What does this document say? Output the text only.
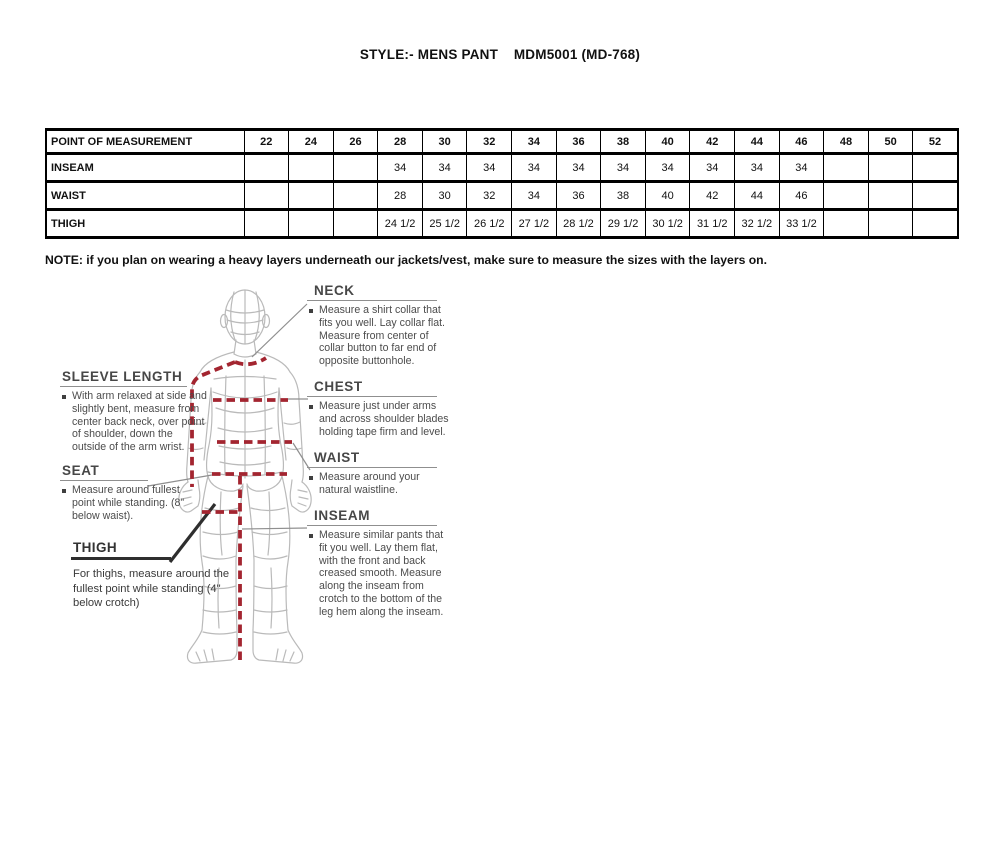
STYLE:- MENS PANT    MDM5001 (MD-768)
POINT OF MEASUREMENT	22	24	26	28	30	32	34	36	38	40	42	44	46	48	50	52
INSEAM				34	34	34	34	34	34	34	34	34	34			
WAIST				28	30	32	34	36	38	40	42	44	46			
THIGH				24 1/2	25 1/2	26 1/2	27 1/2	28 1/2	29 1/2	30 1/2	31 1/2	32 1/2	33 1/2			
NOTE: if you plan on wearing a heavy layers underneath our jackets/vest, make sure to measure the sizes with the layers on.
NECK
Measure a shirt collar that fits you well. Lay collar flat. Measure from center of collar button to far end of opposite buttonhole.
CHEST
Measure just under arms and across shoulder blades holding tape firm and level.
WAIST
Measure around your natural waistline.
INSEAM
Measure similar pants that fit you well. Lay them flat, with the front and back creased smooth. Measure along the inseam from crotch to the bottom of the leg hem along the inseam.
SLEEVE LENGTH
With arm relaxed at side and slightly bent, measure from center back neck, over point of shoulder, down the outside of the arm wrist.
SEAT
Measure around fullest point while standing. (8" below waist).
THIGH
For thighs, measure around the fullest point while standing (4" below crotch)
